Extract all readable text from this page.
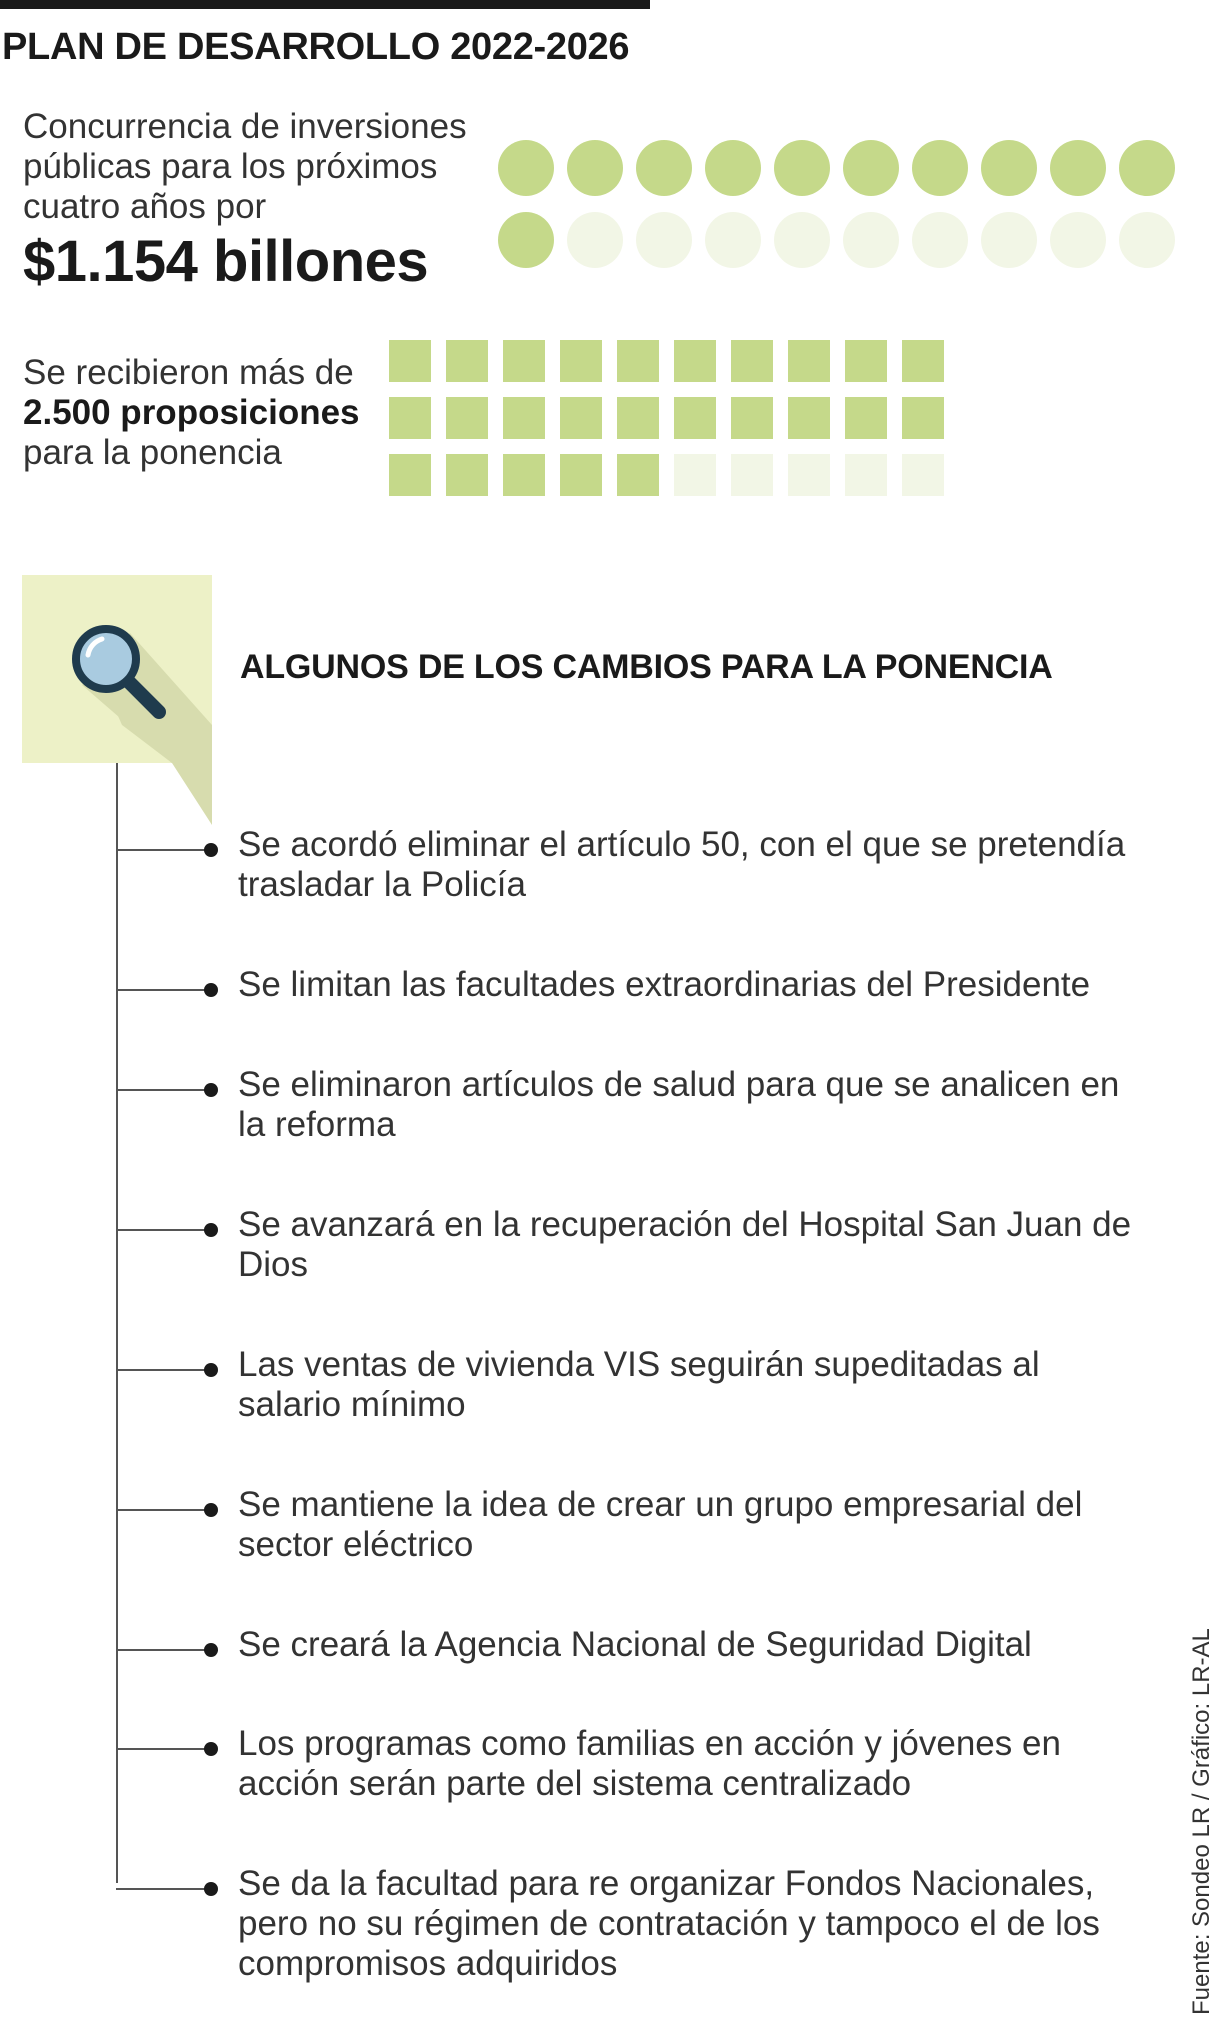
PLAN DE DESARROLLO 2022-2026
Concurrencia de inversiones
públicas para los próximos
cuatro años por
$1.154 billones
Se recibieron más de
2.500 proposiciones
para la ponencia
ALGUNOS DE LOS CAMBIOS PARA LA PONENCIA
Se acordó eliminar el artículo 50, con el que se pretendía trasladar la Policía
Se limitan las facultades extraordinarias del Presidente
Se eliminaron artículos de salud para que se analicen en la reforma
Se avanzará en la recuperación del Hospital San Juan de Dios
Las ventas de vivienda VIS seguirán supeditadas al salario mínimo
Se mantiene la idea de crear un grupo empresarial del sector eléctrico
Se creará la Agencia Nacional de Seguridad Digital
Los programas como familias en acción y jóvenes en acción serán parte del sistema centralizado
Se da la facultad para re organizar Fondos Nacionales, pero no su régimen de contratación y tampoco el de los compromisos adquiridos	Fuente: Sondeo LR / Gráfico: LR-AL
